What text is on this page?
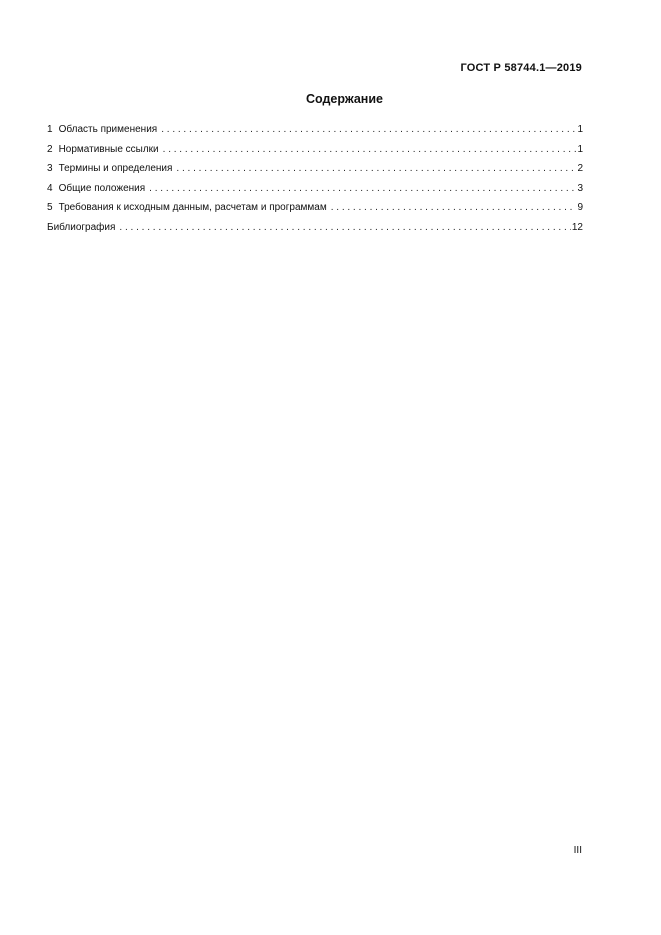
ГОСТ Р 58744.1—2019
Содержание
1 Область применения . . .	1
2 Нормативные ссылки . . .	1
3 Термины и определения . . .	2
4 Общие положения . . .	3
5 Требования к исходным данным, расчетам и программам . . .	9
Библиография . . .	12
III
